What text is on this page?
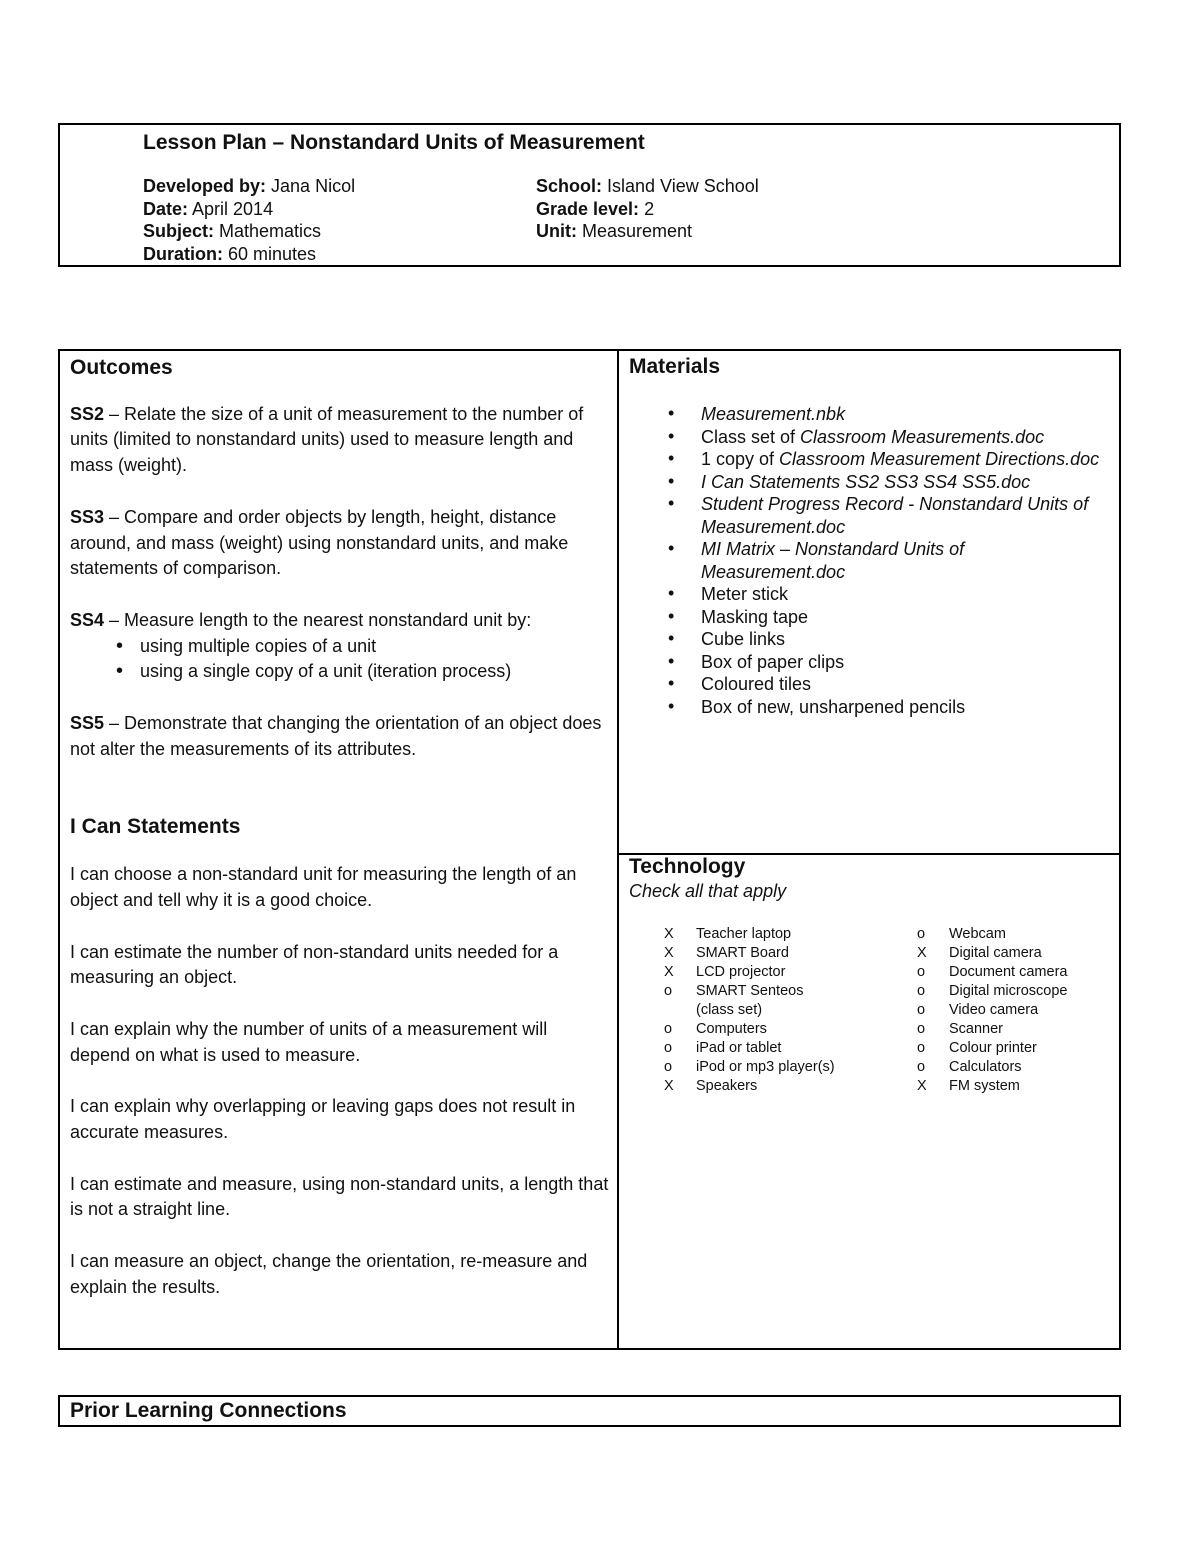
Lesson Plan – Nonstandard Units of Measurement
Developed by: Jana Nicol
Date: April 2014
Subject: Mathematics
Duration: 60 minutes
School: Island View School
Grade level: 2
Unit: Measurement
Outcomes

SS2 – Relate the size of a unit of measurement to the number of units (limited to nonstandard units) used to measure length and mass (weight).

SS3 – Compare and order objects by length, height, distance around, and mass (weight) using nonstandard units, and make statements of comparison.

SS4 – Measure length to the nearest nonstandard unit by:

• using multiple copies of a unit
• using a single copy of a unit (iteration process)

SS5 – Demonstrate that changing the orientation of an object does not alter the measurements of its attributes.

I Can Statements

I can choose a non-standard unit for measuring the length of an object and tell why it is a good choice.

I can estimate the number of non-standard units needed for a measuring an object.

I can explain why the number of units of a measurement will depend on what is used to measure.

I can explain why overlapping or leaving gaps does not result in accurate measures.

I can estimate and measure, using non-standard units, a length that is not a straight line.

I can measure an object, change the orientation, re-measure and explain the results.

Materials
• Measurement.nbk
• Class set of Classroom Measurements.doc
• 1 copy of Classroom Measurement Directions.doc
• I Can Statements SS2 SS3 SS4 SS5.doc
• Student Progress Record - Nonstandard Units of Measurement.doc
• MI Matrix – Nonstandard Units of Measurement.doc
• Meter stick
• Masking tape
• Cube links
• Box of paper clips
• Coloured tiles
• Box of new, unsharpened pencils
Technology
Check all that apply
X	Teacher laptop
X	SMART Board
X	LCD projector
o	SMART Senteos (class set)
o	Computers
o	iPad or tablet
o	iPod or mp3 player(s)
X	Speakers
o	Webcam
X	Digital camera
o	Document camera
o	Digital microscope
o	Video camera
o	Scanner
o	Colour printer
o	Calculators
X	FM system
Prior Learning Connections
